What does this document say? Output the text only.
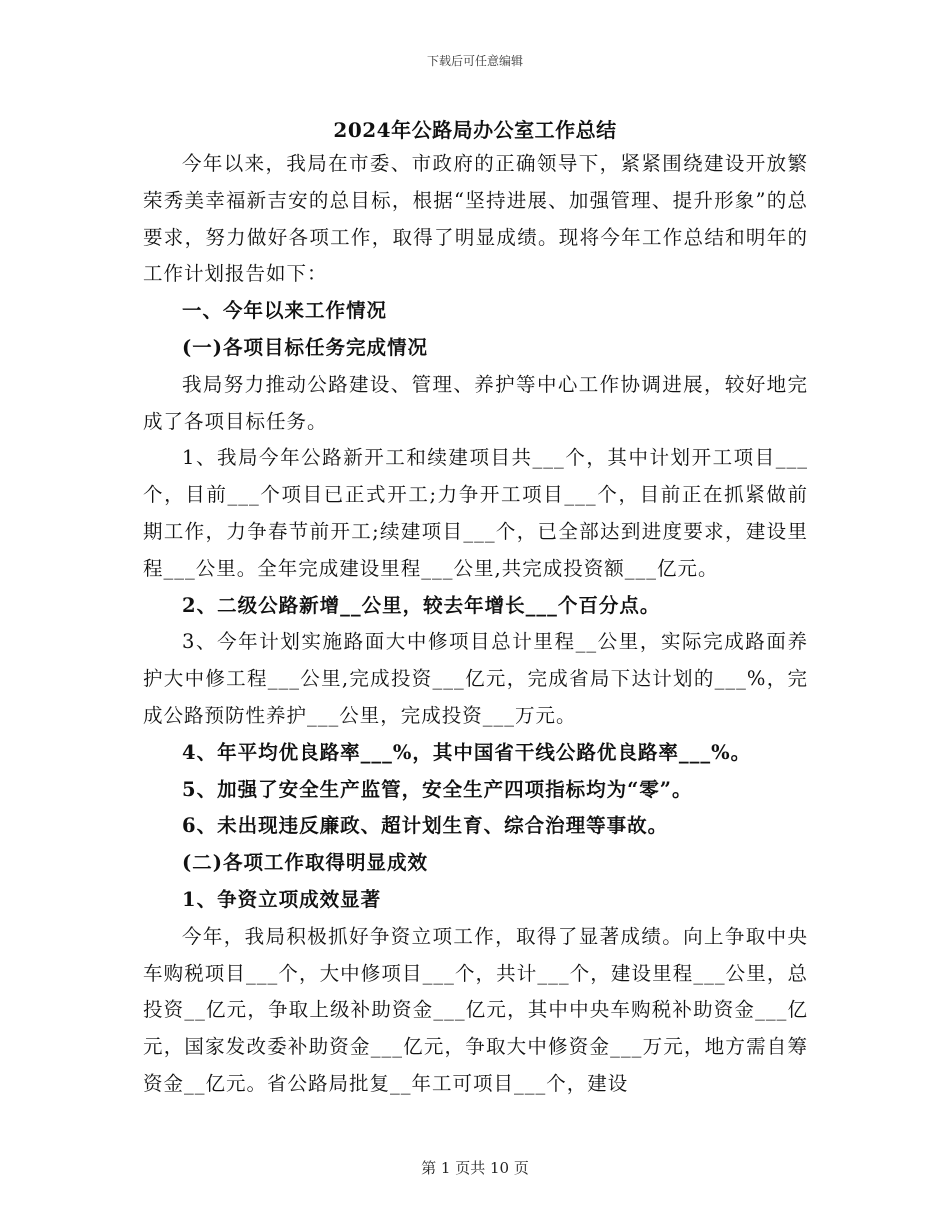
下载后可任意编辑
2024年公路局办公室工作总结

今年以来，我局在市委、市政府的正确领导下，紧紧围绕建设开放繁荣秀美幸福新吉安的总目标，根据“坚持进展、加强管理、提升形象”的总要求，努力做好各项工作，取得了明显成绩。现将今年工作总结和明年的工作计划报告如下：

一、今年以来工作情况

(一)各项目标任务完成情况

我局努力推动公路建设、管理、养护等中心工作协调进展，较好地完成了各项目标任务。

1、我局今年公路新开工和续建项目共___个，其中计划开工项目___个，目前___个项目已正式开工;力争开工项目___个，目前正在抓紧做前期工作，力争春节前开工;续建项目___个，已全部达到进度要求，建设里程___公里。全年完成建设里程___公里,共完成投资额___亿元。

2、二级公路新增__公里，较去年增长___个百分点。

3、今年计划实施路面大中修项目总计里程__公里，实际完成路面养护大中修工程___公里,完成投资___亿元，完成省局下达计划的___%，完成公路预防性养护___公里，完成投资___万元。

4、年平均优良路率___%，其中国省干线公路优良路率___%。

5、加强了安全生产监管，安全生产四项指标均为“零”。

6、未出现违反廉政、超计划生育、综合治理等事故。

(二)各项工作取得明显成效

1、争资立项成效显著

今年，我局积极抓好争资立项工作，取得了显著成绩。向上争取中央车购税项目___个，大中修项目___个，共计___个，建设里程___公里，总投资__亿元，争取上级补助资金___亿元，其中中央车购税补助资金___亿元，国家发改委补助资金___亿元，争取大中修资金___万元，地方需自筹资金__亿元。省公路局批复__年工可项目___个，建设

第 1 页共 10 页
